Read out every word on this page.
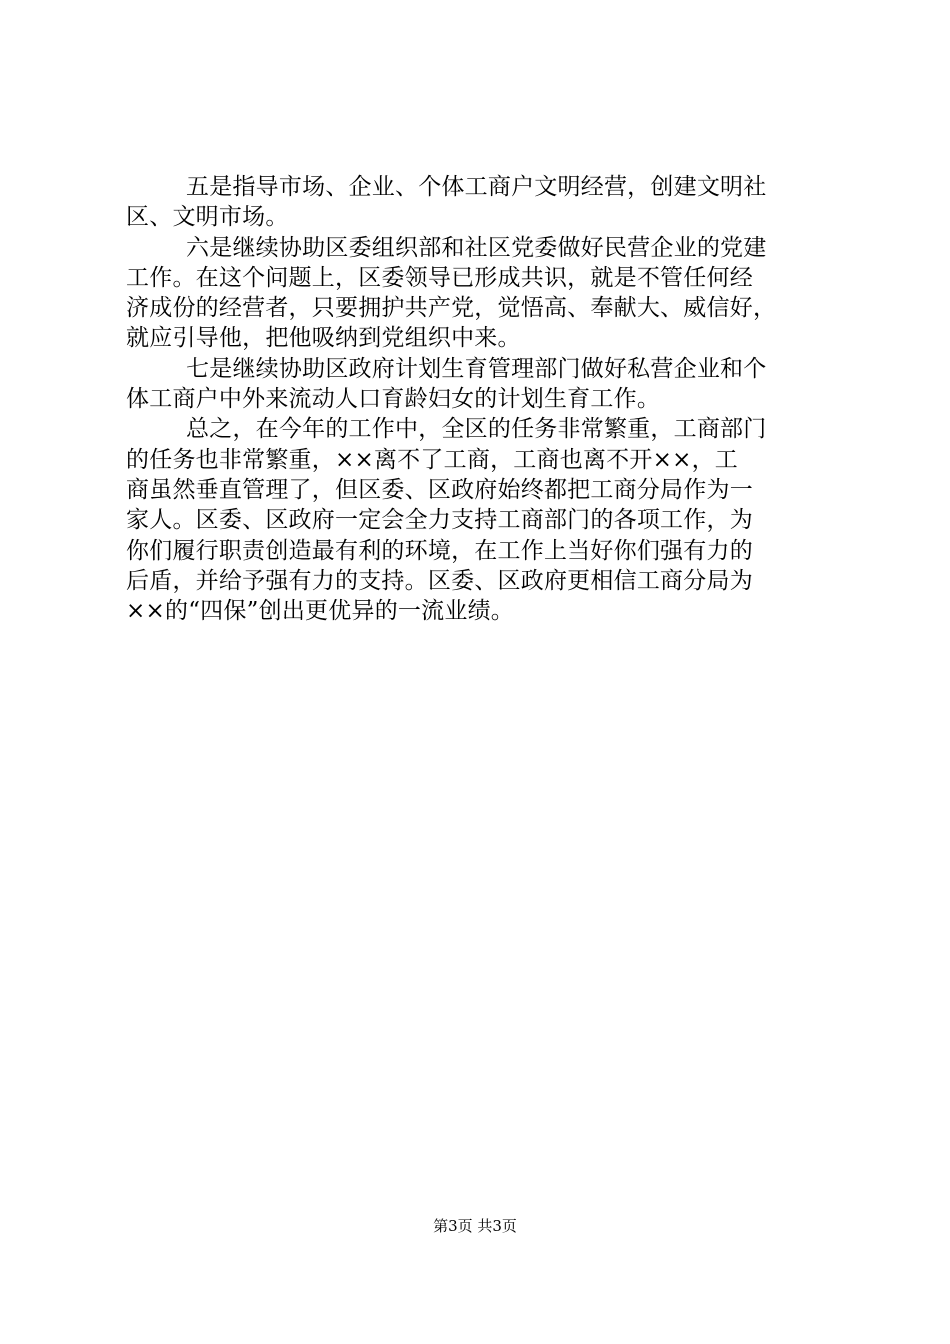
五是指导市场、企业、个体工商户文明经营，创建文明社
区、文明市场。
六是继续协助区委组织部和社区党委做好民营企业的党建
工作。在这个问题上，区委领导已形成共识，就是不管任何经
济成份的经营者，只要拥护共产党，觉悟高、奉献大、威信好，
就应引导他，把他吸纳到党组织中来。
七是继续协助区政府计划生育管理部门做好私营企业和个
体工商户中外来流动人口育龄妇女的计划生育工作。
总之，在今年的工作中，全区的任务非常繁重，工商部门
的任务也非常繁重，××离不了工商，工商也离不开××，工
商虽然垂直管理了，但区委、区政府始终都把工商分局作为一
家人。区委、区政府一定会全力支持工商部门的各项工作，为
你们履行职责创造最有利的环境，在工作上当好你们强有力的
后盾，并给予强有力的支持。区委、区政府更相信工商分局为
××的“四保”创出更优异的一流业绩。
第3页 共3页
